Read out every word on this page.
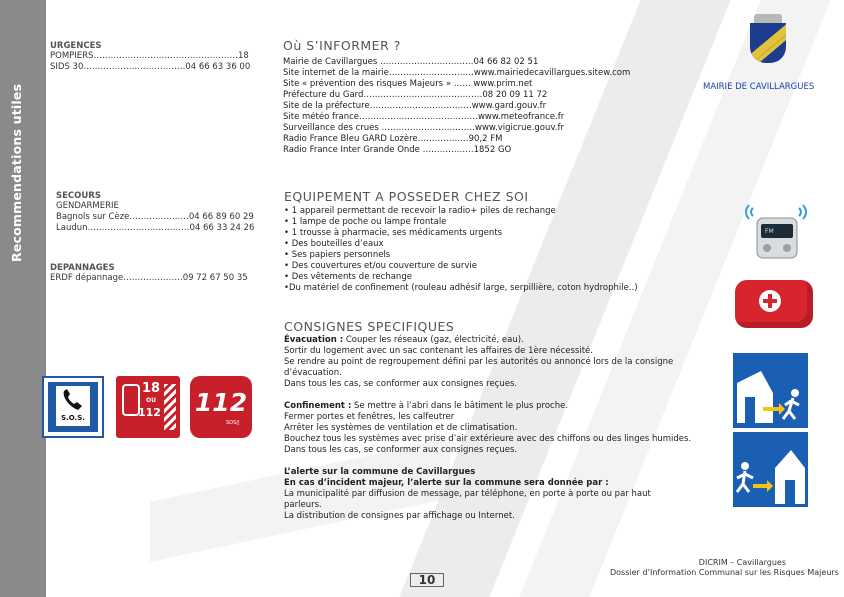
Recommendations utiles
URGENCES
POMPIERS……………………………………………18
SIDS 30………………………………04 66 63 36 00
SECOURS
GENDARMERIE
Bagnols sur Cèze…………………04 66 89 60 29
Laudun………………………………04 66 33 24 26
DEPANNAGES
ERDF dépannage…………………09 72 67 50 35
S.O.S.
18
OU
112 112
SOS/J
Où S’INFORMER ?
Mairie de Cavillargues ……………………………04 66 82 02 51
Site internet de la mairie…………………………www.mairiedecavillargues.sitew.com
Site « prévention des risques Majeurs » …… www.prim.net
Préfecture du Gard……………………………………08 20 09 11 72
Site de la préfecture………………………………www.gard.gouv.fr
Site météo france……………………………………www.meteofrance.fr
Surveillance des crues ……………………………www.vigicrue.gouv.fr
Radio France Bleu GARD Lozère………………90,2 FM
Radio France Inter Grande Onde ………………1852 GO
MAIRIE DE CAVILLARGUES
EQUIPEMENT A POSSEDER CHEZ SOI
• 1 appareil permettant de recevoir la radio+ piles de rechange
• 1 lampe de poche ou lampe frontale
• 1 trousse à pharmacie, ses médicaments urgents
• Des bouteilles d’eaux
• Ses papiers personnels
• Des couvertures et/ou couverture de survie
• Des vêtements de rechange
•Du matériel de confinement (rouleau adhésif large, serpillière, coton hydrophile..)
FM
CONSIGNES SPECIFIQUES
Évacuation : Couper les réseaux (gaz, électricité, eau).
Sortir du logement avec un sac contenant les affaires de 1ère nécessité.
Se rendre au point de regroupement défini par les autorités ou annoncé lors de la consigne
d’évacuation.
Dans tous les cas, se conformer aux consignes reçues.
Confinement : Se mettre à l’abri dans le bâtiment le plus proche.
Fermer portes et fenêtres, les calfeutrer
Arrêter les systèmes de ventilation et de climatisation.
Bouchez tous les systèmes avec prise d’air extérieure avec des chiffons ou des linges humides.
Dans tous les cas, se conformer aux consignes reçues.
L’alerte sur la commune de Cavillargues
En cas d’incident majeur, l’alerte sur la commune sera donnée par :
La municipalité par diffusion de message, par téléphone, en porte à porte ou par haut
parleurs.
La distribution de consignes par affichage ou Internet.
10
DICRIM – Cavillargues
Dossier d’Information Communal sur les Risques Majeurs
